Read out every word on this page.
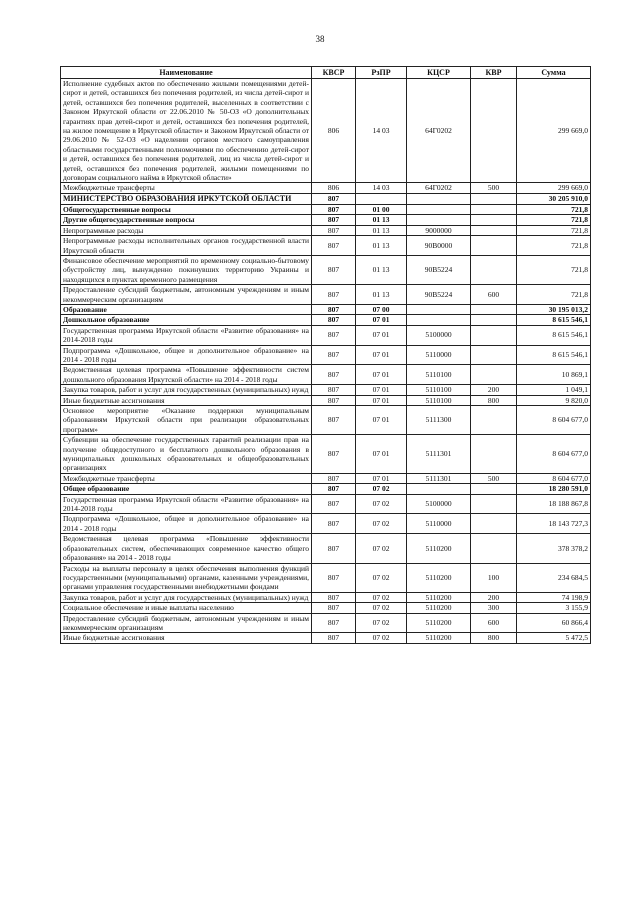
38
Наименование	КВСР	РзПР	КЦСР	КВР	Сумма
Исполнение судебных актов по обеспечению жилыми помещениями детей-сирот и детей, оставшихся без попечения родителей, из числа детей-сирот и детей, оставшихся без попечения родителей, выселенных в соответствии с Законом Иркутской области от 22.06.2010 № 50-ОЗ «О дополнительных гарантиях прав детей-сирот и детей, оставшихся без попечения родителей, на жилое помещение в Иркутской области» и Законом Иркутской области от 29.06.2010 № 52-ОЗ «О наделении органов местного самоуправления областными государственными полномочиями по обеспечению детей-сирот и детей, оставшихся без попечения родителей, лиц из числа детей-сирот и детей, оставшихся без попечения родителей, жилыми помещениями по договорам социального найма в Иркутской области»	806	14 03	64Г0202		299 669,0
Межбюджетные трансферты	806	14 03	64Г0202	500	299 669,0
МИНИСТЕРСТВО ОБРАЗОВАНИЯ ИРКУТСКОЙ ОБЛАСТИ	807				30 205 910,0
Общегосударственные вопросы	807	01 00			721,8
Другие общегосударственные вопросы	807	01 13			721,8
Непрограммные расходы	807	01 13	9000000		721,8
Непрограммные расходы исполнительных органов государственной власти Иркутской области	807	01 13	90В0000		721,8
Финансовое обеспечение мероприятий по временному социально-бытовому обустройству лиц, вынужденно покинувших территорию Украины и находящихся в пунктах временного размещения	807	01 13	90В5224		721,8
Предоставление субсидий бюджетным, автономным учреждениям и иным некоммерческим организациям	807	01 13	90В5224	600	721,8
Образование	807	07 00			30 195 013,2
Дошкольное образование	807	07 01			8 615 546,1
Государственная программа Иркутской области «Развитие образования» на 2014-2018 годы	807	07 01	5100000		8 615 546,1
Подпрограмма «Дошкольное, общее и дополнительное образование» на 2014 - 2018 годы	807	07 01	5110000		8 615 546,1
Ведомственная целевая программа «Повышение эффективности систем дошкольного образования Иркутской области» на 2014 - 2018 годы	807	07 01	5110100		10 869,1
Закупка товаров, работ и услуг для государственных (муниципальных) нужд	807	07 01	5110100	200	1 049,1
Иные бюджетные ассигнования	807	07 01	5110100	800	9 820,0
Основное мероприятие «Оказание поддержки муниципальным образованиям Иркутской области при реализации образовательных программ»	807	07 01	5111300		8 604 677,0
Субвенции на обеспечение государственных гарантий реализации прав на получение общедоступного и бесплатного дошкольного образования в муниципальных дошкольных образовательных и общеобразовательных организациях	807	07 01	5111301		8 604 677,0
Межбюджетные трансферты	807	07 01	5111301	500	8 604 677,0
Общее образование	807	07 02			18 280 591,0
Государственная программа Иркутской области «Развитие образования» на 2014-2018 годы	807	07 02	5100000		18 188 867,8
Подпрограмма «Дошкольное, общее и дополнительное образование» на 2014 - 2018 годы	807	07 02	5110000		18 143 727,3
Ведомственная целевая программа «Повышение эффективности образовательных систем, обеспечивающих современное качество общего образования» на 2014 - 2018 годы	807	07 02	5110200		378 378,2
Расходы на выплаты персоналу в целях обеспечения выполнения функций государственными (муниципальными) органами, казенными учреждениями, органами управления государственными внебюджетными фондами	807	07 02	5110200	100	234 684,5
Закупка товаров, работ и услуг для государственных (муниципальных) нужд	807	07 02	5110200	200	74 198,9
Социальное обеспечение и иные выплаты населению	807	07 02	5110200	300	3 155,9
Предоставление субсидий бюджетным, автономным учреждениям и иным некоммерческим организациям	807	07 02	5110200	600	60 866,4
Иные бюджетные ассигнования	807	07 02	5110200	800	5 472,5
